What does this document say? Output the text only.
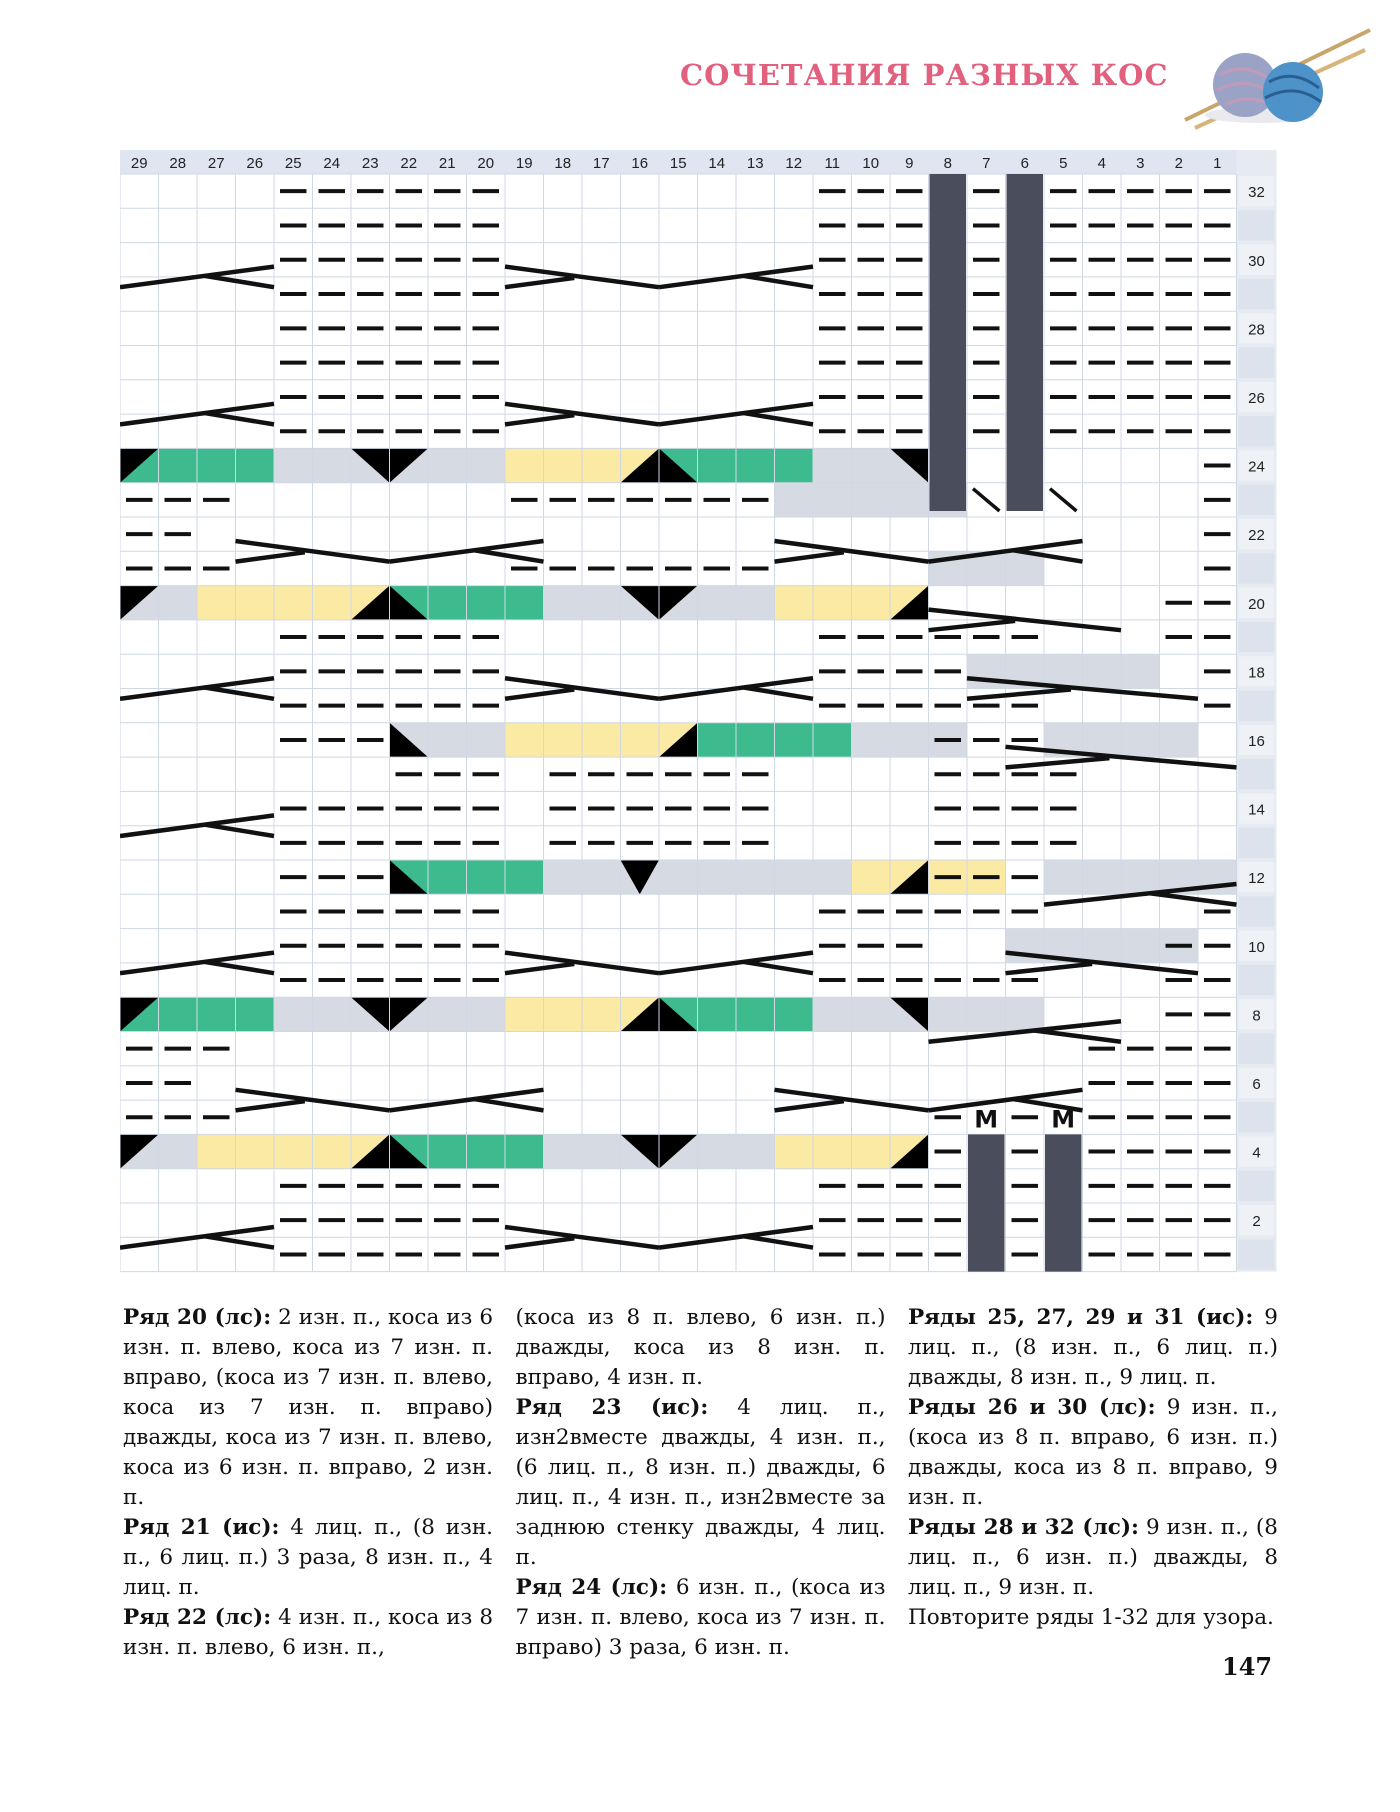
СОЧЕТАНИЯ РАЗНЫХ КОС
29 28 27 26 25 24 23 22 21 20 19 18 17 16 15 14 13 12 11 10 9 8 7 6 5 4 3 2 1
32
30
28
26
24
22
20
18
16
14
12
10
8
6
4
2
М М

Ряд 20 (лс): 2 изн. п., коса из 6 изн. п. влево, коса из 7 изн. п. вправо, (коса из 7 изн. п. влево, коса из 7 изн. п. вправо) дважды, коса из 7 изн. п. влево, коса из 6 изн. п. вправо, 2 изн. п.

Ряд 21 (ис): 4 лиц. п., (8 изн. п., 6 лиц. п.) 3 раза, 8 изн. п., 4 лиц. п.

Ряд 22 (лс): 4 изн. п., коса из 8 изн. п. влево, 6 изн. п.,

(коса из 8 п. влево, 6 изн. п.) дважды, коса из 8 изн. п. вправо, 4 изн. п.

Ряд 23 (ис): 4 лиц. п., изн2вместе дважды, 4 изн. п., (6 лиц. п., 8 изн. п.) дважды, 6 лиц. п., 4 изн. п., изн2вместе за заднюю стенку дважды, 4 лиц. п.

Ряд 24 (лс): 6 изн. п., (коса из 7 изн. п. влево, коса из 7 изн. п. вправо) 3 раза, 6 изн. п.

Ряды 25, 27, 29 и 31 (ис): 9 лиц. п., (8 изн. п., 6 лиц. п.) дважды, 8 изн. п., 9 лиц. п.

Ряды 26 и 30 (лс): 9 изн. п., (коса из 8 п. вправо, 6 изн. п.) дважды, коса из 8 п. вправо, 9 изн. п.

Ряды 28 и 32 (лс): 9 изн. п., (8 лиц. п., 6 изн. п.) дважды, 8 лиц. п., 9 изн. п.

Повторите ряды 1-32 для узора.

147
